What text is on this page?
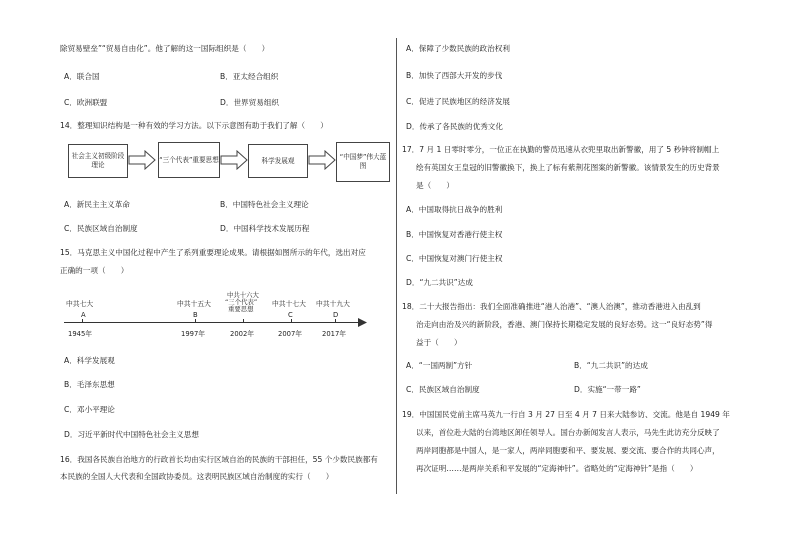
除贸易壁垒”“贸易自由化”。他了解的这一国际组织是（　　）
A．联合国	B．亚太经合组织
C．欧洲联盟	D．世界贸易组织
14．整理知识结构是一种有效的学习方法。以下示意图有助于我们了解（　　）
社会主义初级阶段理论
“三个代表”重要思想	科学发展观	“中国梦”伟大蓝图
A．新民主主义革命	B．中国特色社会主义理论
C．民族区域自治制度	D．中国科学技术发展历程
15．马克思主义中国化过程中产生了系列重要理论成果。请根据如图所示的年代，选出对应
正确的一项（　　）
中共七大	中共十五大
中共十六大
“三个代表”
重要思想
中共十七大 中共十九大
A	B	C	D
1945年	1997年	2002年	2007年	2017年
A．科学发展观
B．毛泽东思想
C．邓小平理论
D．习近平新时代中国特色社会主义思想
16．我国各民族自治地方的行政首长均由实行区域自治的民族的干部担任，55 个少数民族都有
本民族的全国人大代表和全国政协委员。这表明民族区域自治制度的实行（　　）
A．保障了少数民族的政治权利
B．加快了西部大开发的步伐
C．促进了民族地区的经济发展
D．传承了各民族的优秀文化
17．7 月 1 日零时零分，一位正在执勤的警员迅速从衣兜里取出新警徽，用了 5 秒钟将制帽上
绘有英国女王皇冠的旧警徽换下，换上了标有紫荆花图案的新警徽。该情景发生的历史背景
是（　　）
A．中国取得抗日战争的胜利
B．中国恢复对香港行使主权
C．中国恢复对澳门行使主权
D．“九二共识”达成
18．二十大报告指出：我们全面准确推进“港人治港”、“澳人治澳”，推动香港进入由乱到
治走向由治及兴的新阶段，香港、澳门保持长期稳定发展的良好态势。这一“良好态势”得
益于（　　）
A．“一国两制”方针	B．“九二共识”的达成
C．民族区域自治制度	D．实施“一带一路”
19．中国国民党前主席马英九一行自 3 月 27 日至 4 月 7 日来大陆参访、交流。他是自 1949 年
以来，首位赴大陆的台湾地区卸任领导人。国台办新闻发言人表示，马先生此访充分反映了
两岸同胞都是中国人，是一家人，两岸同胞要和平、要发展、要交流、要合作的共同心声，
再次证明……是两岸关系和平发展的“定海神针”。省略处的“定海神针”是指（　　）
